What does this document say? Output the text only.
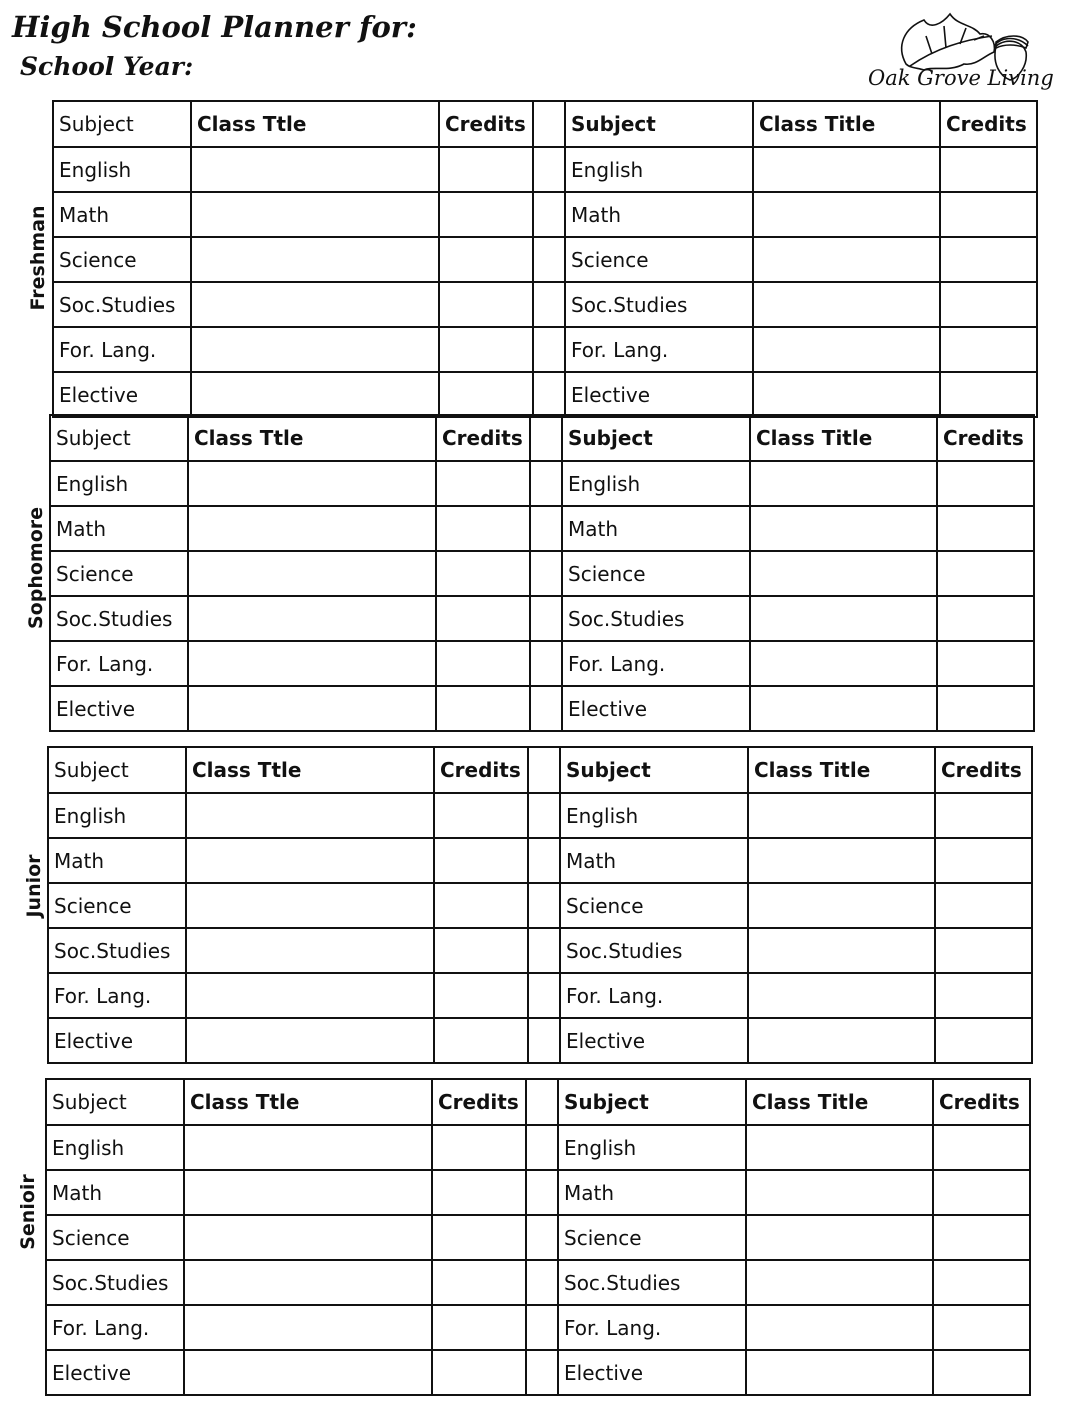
High School Planner for:
School Year:	Oak Grove Living
Freshman
Subject	Class Ttle	Credits		Subject	Class Title	Credits
English				English		
Math				Math		
Science				Science		
Soc.Studies				Soc.Studies		
For. Lang.				For. Lang.		
Elective				Elective		
Sophomore
Subject	Class Ttle	Credits		Subject	Class Title	Credits
English				English		
Math				Math		
Science				Science		
Soc.Studies				Soc.Studies		
For. Lang.				For. Lang.		
Elective				Elective		
Junior
Subject	Class Ttle	Credits		Subject	Class Title	Credits
English				English		
Math				Math		
Science				Science		
Soc.Studies				Soc.Studies		
For. Lang.				For. Lang.		
Elective				Elective		
Senioir
Subject	Class Ttle	Credits		Subject	Class Title	Credits
English				English		
Math				Math		
Science				Science		
Soc.Studies				Soc.Studies		
For. Lang.				For. Lang.		
Elective				Elective		
